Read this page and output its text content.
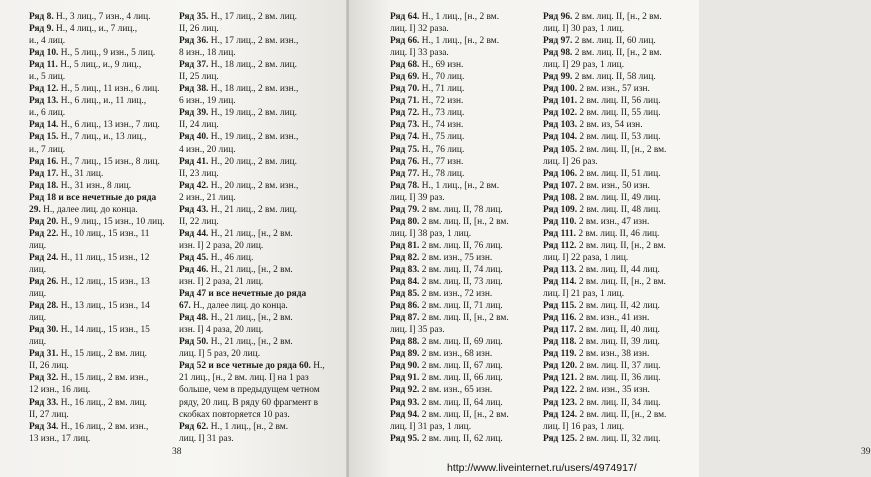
Ряд 8. Н., 3 лиц., 7 изн., 4 лиц.
Ряд 9. Н., 4 лиц., и., 7 лиц.,
и., 4 лиц.
Ряд 10. Н., 5 лиц., 9 изн., 5 лиц.
Ряд 11. Н., 5 лиц., и., 9 лиц.,
и., 5 лиц.
Ряд 12. Н., 5 лиц., 11 изн., 6 лиц.
Ряд 13. Н., 6 лиц., и., 11 лиц.,
и., 6 лиц.
Ряд 14. Н., 6 лиц., 13 изн., 7 лиц.
Ряд 15. Н., 7 лиц., и., 13 лиц.,
и., 7 лиц.
Ряд 16. Н., 7 лиц., 15 изн., 8 лиц.
Ряд 17. Н., 31 лиц.
Ряд 18. Н., 31 изн., 8 лиц.
Ряд 18 и все нечетные до ряда
29. Н., далее лиц. до конца.
Ряд 20. Н., 9 лиц., 15 изн., 10 лиц.
Ряд 22. Н., 10 лиц., 15 изн., 11
лиц.
Ряд 24. Н., 11 лиц., 15 изн., 12
лиц.
Ряд 26. Н., 12 лиц., 15 изн., 13
лиц.
Ряд 28. Н., 13 лиц., 15 изн., 14
лиц.
Ряд 30. Н., 14 лиц., 15 изн., 15
лиц.
Ряд 31. Н., 15 лиц., 2 вм. лиц.
II, 26 лиц.
Ряд 32. Н., 15 лиц., 2 вм. изн.,
12 изн., 16 лиц.
Ряд 33. Н., 16 лиц., 2 вм. лиц.
II, 27 лиц.
Ряд 34. Н., 16 лиц., 2 вм. изн.,
13 изн., 17 лиц.
Ряд 35. Н., 17 лиц., 2 вм. лиц.
II, 26 лиц.
Ряд 36. Н., 17 лиц., 2 вм. изн.,
8 изн., 18 лиц.
Ряд 37. Н., 18 лиц., 2 вм. лиц.
II, 25 лиц.
Ряд 38. Н., 18 лиц., 2 вм. изн.,
6 изн., 19 лиц.
Ряд 39. Н., 19 лиц., 2 вм. лиц.
II, 24 лиц.
Ряд 40. Н., 19 лиц., 2 вм. изн.,
4 изн., 20 лиц.
Ряд 41. Н., 20 лиц., 2 вм. лиц.
II, 23 лиц.
Ряд 42. Н., 20 лиц., 2 вм. изн.,
2 изн., 21 лиц.
Ряд 43. Н., 21 лиц., 2 вм. лиц.
II, 22 лиц.
Ряд 44. Н., 21 лиц., [н., 2 вм.
изн. I] 2 раза, 20 лиц.
Ряд 45. Н., 46 лиц.
Ряд 46. Н., 21 лиц., [н., 2 вм.
изн. I] 2 раза, 21 лиц.
Ряд 47 и все нечетные до ряда
67. Н., далее лиц. до конца.
Ряд 48. Н., 21 лиц., [н., 2 вм.
изн. I] 4 раза, 20 лиц.
Ряд 50. Н., 21 лиц., [н., 2 вм.
лиц. I] 5 раз, 20 лиц.
Ряд 52 и все четные до ряда 60. Н.,
21 лиц., [н., 2 вм. лиц. I] на 1 раз
больше, чем в предыдущем четном
ряду, 20 лиц. В ряду 60 фрагмент в
скобках повторяется 10 раз.
Ряд 62. Н., 1 лиц., [н., 2 вм.
лиц. I] 31 раз.
38	39
Ряд 64. Н., 1 лиц., [н., 2 вм.
лиц. I] 32 раза.
Ряд 66. Н., 1 лиц., [н., 2 вм.
лиц. I] 33 раза.
Ряд 68. Н., 69 изн.
Ряд 69. Н., 70 лиц.
Ряд 70. Н., 71 лиц.
Ряд 71. Н., 72 изн.
Ряд 72. Н., 73 лиц.
Ряд 73. Н., 74 изн.
Ряд 74. Н., 75 лиц.
Ряд 75. Н., 76 лиц.
Ряд 76. Н., 77 изн.
Ряд 77. Н., 78 лиц.
Ряд 78. Н., 1 лиц., [н., 2 вм.
лиц. I] 39 раз.
Ряд 79. 2 вм. лиц. II, 78 лиц.
Ряд 80. 2 вм. лиц. II, [н., 2 вм.
лиц. I] 38 раз, 1 лиц.
Ряд 81. 2 вм. лиц. II, 76 лиц.
Ряд 82. 2 вм. изн., 75 изн.
Ряд 83. 2 вм. лиц. II, 74 лиц.
Ряд 84. 2 вм. лиц. II, 73 лиц.
Ряд 85. 2 вм. изн., 72 изн.
Ряд 86. 2 вм. лиц. II, 71 лиц.
Ряд 87. 2 вм. лиц. II, [н., 2 вм.
лиц. I] 35 раз.
Ряд 88. 2 вм. лиц. II, 69 лиц.
Ряд 89. 2 вм. изн., 68 изн.
Ряд 90. 2 вм. лиц. II, 67 лиц.
Ряд 91. 2 вм. лиц. II, 66 лиц.
Ряд 92. 2 вм. изн., 65 изн.
Ряд 93. 2 вм. лиц. II, 64 лиц.
Ряд 94. 2 вм. лиц. II, [н., 2 вм.
лиц. I] 31 раз, 1 лиц.
Ряд 95. 2 вм. лиц. II, 62 лиц.
Ряд 96. 2 вм. лиц. II, [н., 2 вм.
лиц. I] 30 раз, 1 лиц.
Ряд 97. 2 вм. лиц. II, 60 лиц.
Ряд 98. 2 вм. лиц. II, [н., 2 вм.
лиц. I] 29 раз, 1 лиц.
Ряд 99. 2 вм. лиц. II, 58 лиц.
Ряд 100. 2 вм. изн., 57 изн.
Ряд 101. 2 вм. лиц. II, 56 лиц.
Ряд 102. 2 вм. лиц. II, 55 лиц.
Ряд 103. 2 вм. из, 54 изн.
Ряд 104. 2 вм. лиц. II, 53 лиц.
Ряд 105. 2 вм. лиц. II, [н., 2 вм.
лиц. I] 26 раз.
Ряд 106. 2 вм. лиц. II, 51 лиц.
Ряд 107. 2 вм. изн., 50 изн.
Ряд 108. 2 вм. лиц. II, 49 лиц.
Ряд 109. 2 вм. лиц. II, 48 лиц.
Ряд 110. 2 вм. изн., 47 изн.
Ряд 111. 2 вм. лиц. II, 46 лиц.
Ряд 112. 2 вм. лиц. II, [н., 2 вм.
лиц. I] 22 раза, 1 лиц.
Ряд 113. 2 вм. лиц. II, 44 лиц.
Ряд 114. 2 вм. лиц. II, [н., 2 вм.
лиц. I] 21 раз, 1 лиц.
Ряд 115. 2 вм. лиц. II, 42 лиц.
Ряд 116. 2 вм. изн., 41 изн.
Ряд 117. 2 вм. лиц. II, 40 лиц.
Ряд 118. 2 вм. лиц. II, 39 лиц.
Ряд 119. 2 вм. изн., 38 изн.
Ряд 120. 2 вм. лиц. II, 37 лиц.
Ряд 121. 2 вм. лиц. II, 36 лиц.
Ряд 122. 2 вм. изн., 35 изн.
Ряд 123. 2 вм. лиц. II, 34 лиц.
Ряд 124. 2 вм. лиц. II, [н., 2 вм.
лиц. I] 16 раз, 1 лиц.
Ряд 125. 2 вм. лиц. II, 32 лиц.
http://www.liveinternet.ru/users/4974917/
